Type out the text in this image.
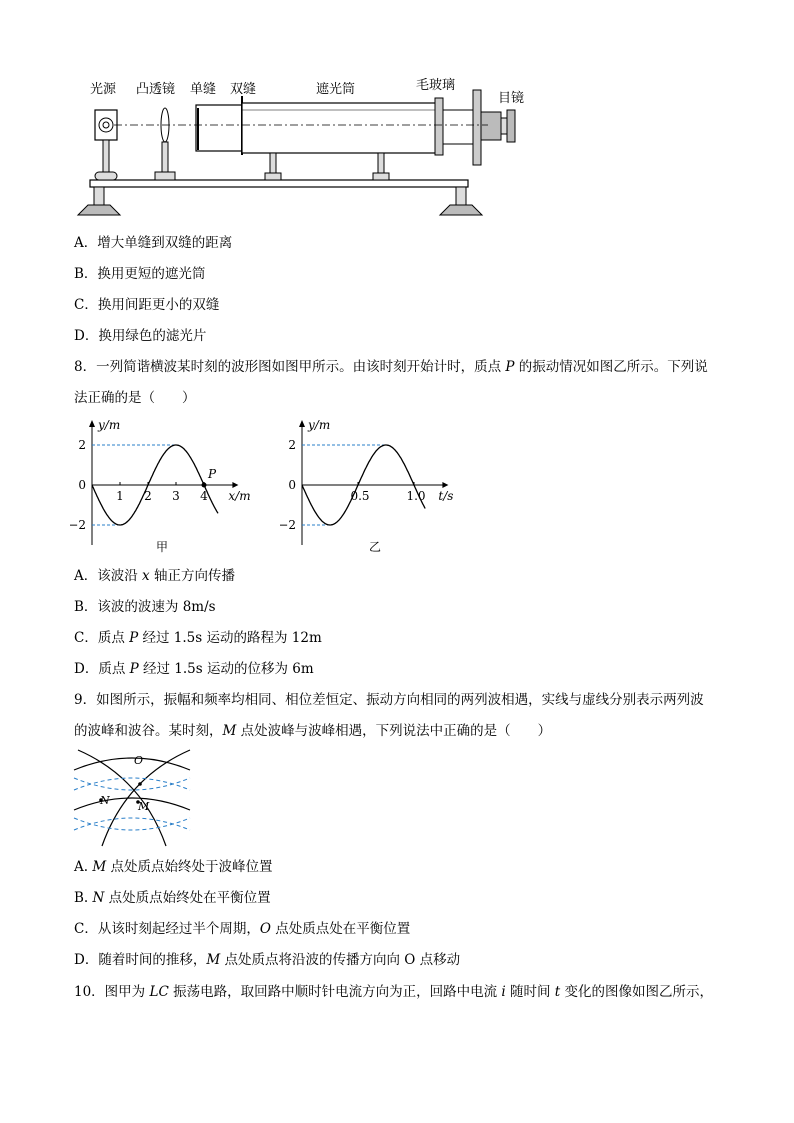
光源 凸透镜 单缝 双缝	遮光筒	毛玻璃
目镜
A．增大单缝到双缝的距离
B．换用更短的遮光筒
C．换用间距更小的双缝
D．换用绿色的滤光片
8．一列简谐横波某时刻的波形图如图甲所示。由该时刻开始计时，质点 P 的振动情况如图乙所示。下列说
法正确的是（　　）
2
0
−2
y/m
1 2 3 4 x/m
P
甲
2
0
−2
y/m
0.5	1.0 t/s
乙
A．该波沿 x 轴正方向传播
B．该波的波速为 8m/s
C．质点 P 经过 1.5s 运动的路程为 12m
D．质点 P 经过 1.5s 运动的位移为 6m
9．如图所示，振幅和频率均相同、相位差恒定、振动方向相同的两列波相遇，实线与虚线分别表示两列波
的波峰和波谷。某时刻，M 点处波峰与波峰相遇，下列说法中正确的是（　　）
O
N	M
A. M 点处质点始终处于波峰位置
B. N 点处质点始终处在平衡位置
C．从该时刻起经过半个周期，O 点处质点处在平衡位置
D．随着时间的推移，M 点处质点将沿波的传播方向向 O 点移动
10．图甲为 LC 振荡电路，取回路中顺时针电流方向为正，回路中电流 i 随时间 t 变化的图像如图乙所示，
